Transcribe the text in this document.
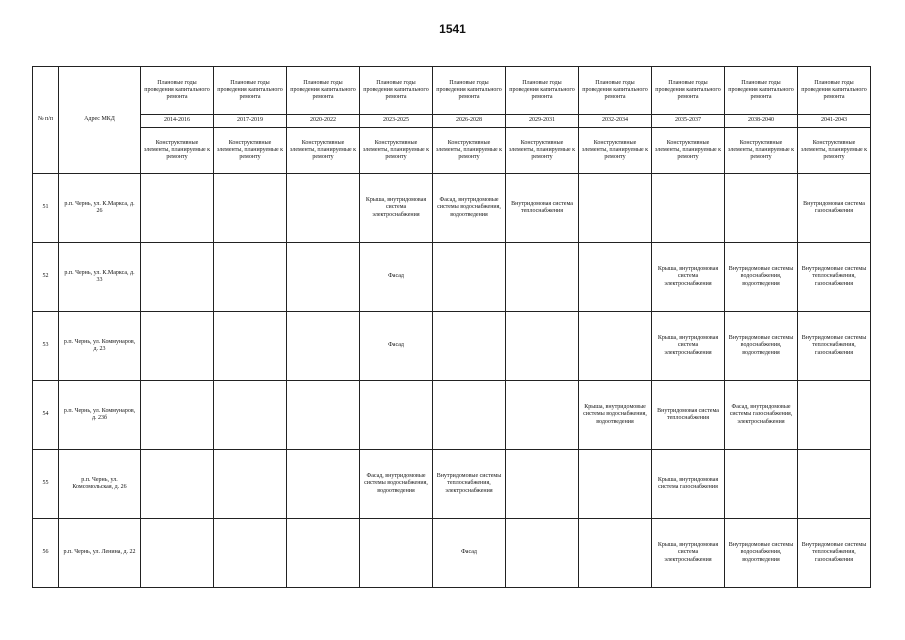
1541
№ п/п	Адрес МКД	Плановые годы проведения капитального ремонта	Плановые годы проведения капитального ремонта	Плановые годы проведения капитального ремонта	Плановые годы проведения капитального ремонта	Плановые годы проведения капитального ремонта	Плановые годы проведения капитального ремонта	Плановые годы проведения капитального ремонта	Плановые годы проведения капитального ремонта	Плановые годы проведения капитального ремонта	Плановые годы проведения капитального ремонта
		2014-2016	2017-2019	2020-2022	2023-2025	2026-2028	2029-2031	2032-2034	2035-2037	2038-2040	2041-2043
		Конструктивные элементы, планируемые к ремонту	Конструктивные элементы, планируемые к ремонту	Конструктивные элементы, планируемые к ремонту	Конструктивные элементы, планируемые к ремонту	Конструктивные элементы, планируемые к ремонту	Конструктивные элементы, планируемые к ремонту	Конструктивные элементы, планируемые к ремонту	Конструктивные элементы, планируемые к ремонту	Конструктивные элементы, планируемые к ремонту	Конструктивные элементы, планируемые к ремонту
51	р.п. Чернь, ул. К.Маркса, д. 26				Крыша, внутридомовая система электроснабжения	Фасад, внутридомовые системы водоснабжения, водоотведения	Внутридомовая система теплоснабжения				Внутридомовая система газоснабжения
52	р.п. Чернь, ул. К.Маркса, д. 33				Фасад				Крыша, внутридомовая система электроснабжения	Внутридомовые системы водоснабжения, водоотведения	Внутридомовые системы теплоснабжения, газоснабжения
53	р.п. Чернь, ул. Коммунаров, д. 23				Фасад				Крыша, внутридомовая система электроснабжения	Внутридомовые системы водоснабжения, водоотведения	Внутридомовые системы теплоснабжения, газоснабжения
54	р.п. Чернь, ул. Коммунаров, д. 23б							Крыша, внутридомовые системы водоснабжения, водоотведения	Внутридомовая система теплоснабжения	Фасад, внутридомовые системы газоснабжения, электроснабжения	
55	р.п. Чернь, ул. Комсомольская, д. 26				Фасад, внутридомовые системы водоснабжения, водоотведения	Внутридомовые системы теплоснабжения, электроснабжения			Крыша, внутридомовая система газоснабжения		
56	р.п. Чернь, ул. Ленина, д. 22					Фасад			Крыша, внутридомовая система электроснабжения	Внутридомовые системы водоснабжения, водоотведения	Внутридомовые системы теплоснабжения, газоснабжения
